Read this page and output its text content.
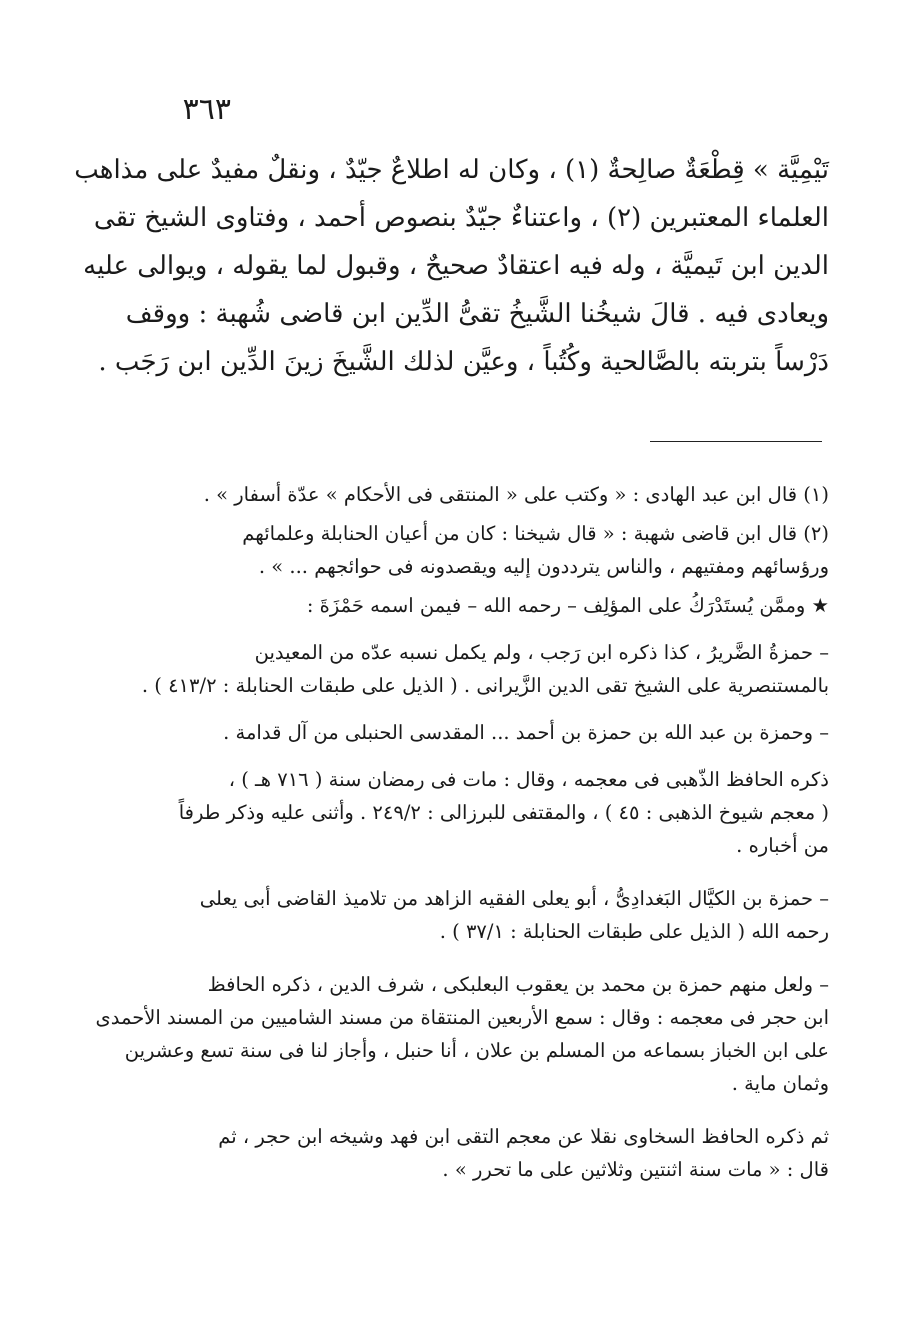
٣٦٣
تَيْمِيَّة » قِطْعَةٌ صالِحةٌ (١) ، وكان له اطلاعٌ جيّدٌ ، ونقلٌ مفيدٌ على مذاهب
العلماء المعتبرين (٢) ، واعتناءٌ جيّدٌ بنصوص أحمد ، وفتاوى الشيخ تقى
الدين ابن تَيميَّة ، وله فيه اعتقادٌ صحيحٌ ، وقبول لما يقوله ، ويوالى عليه
ويعادى فيه . قالَ شيخُنا الشَّيخُ تقىُّ الدِّين ابن قاضى شُهبة : ووقف
دَرْساً بتربته بالصَّالحية وكُتُباً ، وعيَّن لذلك الشَّيخَ زينَ الدِّين ابن رَجَب .
(١) قال ابن عبد الهادى : « وكتب على « المنتقى فى الأحكام » عدّة أسفار » .
(٢) قال ابن قاضى شهبة : « قال شيخنا : كان من أعيان الحنابلة وعلمائهم
ورؤسائهم ومفتيهم ، والناس يترددون إليه ويقصدونه فى حوائجهم ... » .
★ وممَّن يُستَدْرَكُ على المؤلِف – رحمه الله – فيمن اسمه حَمْزَةَ :
– حمزةُ الضَّريرُ ، كذا ذكره ابن رَجب ، ولم يكمل نسبه عدّه من المعيدين
بالمستنصرية على الشيخ تقى الدين الزَّيرانى . ( الذيل على طبقات الحنابلة : ٤١٣/٢ ) .
– وحمزة بن عبد الله بن حمزة بن أحمد ... المقدسى الحنبلى من آل قدامة .
ذكره الحافظ الذّهبى فى معجمه ، وقال : مات فى رمضان سنة ( ٧١٦ هـ ) ،
( معجم شيوخ الذهبى : ٤٥ ) ، والمقتفى للبرزالى : ٢٤٩/٢ . وأثنى عليه وذكر طرفاً
من أخباره .
– حمزة بن الكيَّال البَغدادِىُّ ، أبو يعلى الفقيه الزاهد من تلاميذ القاضى أبى يعلى
رحمه الله ( الذيل على طبقات الحنابلة : ٣٧/١ ) .
– ولعل منهم حمزة بن محمد بن يعقوب البعلبكى ، شرف الدين ، ذكره الحافظ
ابن حجر فى معجمه : وقال : سمع الأربعين المنتقاة من مسند الشاميين من المسند الأحمدى
على ابن الخباز بسماعه من المسلم بن علان ، أنا حنبل ، وأجاز لنا فى سنة تسع وعشرين
وثمان ماية .
ثم ذكره الحافظ السخاوى نقلا عن معجم التقى ابن فهد وشيخه ابن حجر ، ثم
قال : « مات سنة اثنتين وثلاثين على ما تحرر » .
